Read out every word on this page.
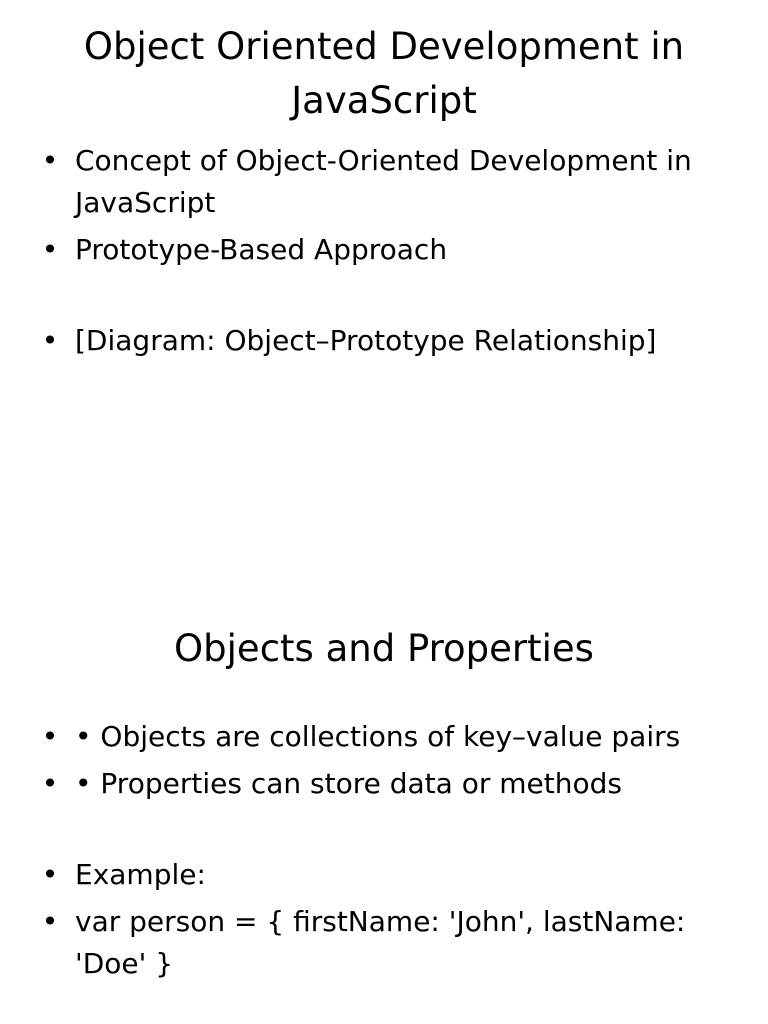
Object Oriented Development in JavaScript
• Concept of Object-Oriented Development in JavaScript
• Prototype-Based Approach
• [Diagram: Object–Prototype Relationship]
Objects and Properties
• • Objects are collections of key–value pairs
• • Properties can store data or methods
• Example:
• var person = { firstName: 'John', lastName: 'Doe' }
